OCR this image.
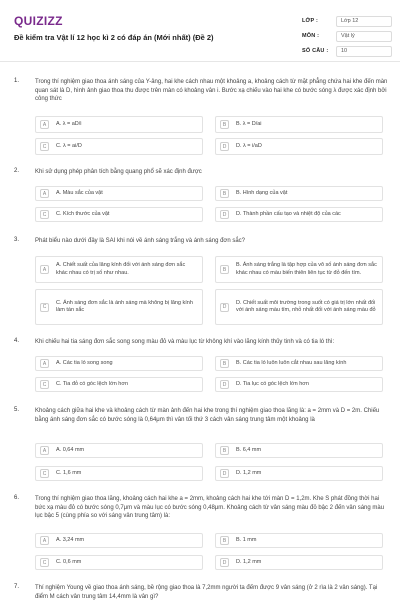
QUIZIZZ
Đề kiểm tra Vật lí 12 học kì 2 có đáp án (Mới nhất) (Đề 2)
LỚP :	Lớp 12
MÔN :	Vật lý
SỐ CÂU :	10
1.	Trong thí nghiệm giao thoa ánh sáng của Y-âng, hai khe cách nhau một khoảng a, khoảng cách từ mặt phẳng chứa hai khe đến màn quan sát là D, hình ảnh giao thoa thu được trên màn có khoảng vân i. Bước xạ chiếu vào hai khe có bước sóng λ được xác định bởi công thức
A	A. λ = aD/i	B	B. λ = D/ai
C	C. λ = ai/D	D	D. λ = i/aD
2.	Khi sử dụng phép phân tích bằng quang phổ sẽ xác định được
A	A. Màu sắc của vật	B	B. Hình dạng của vật
C	C. Kích thước của vật	D	D. Thành phần cấu tạo và nhiệt độ của các
3.	Phát biểu nào dưới đây là SAI khi nói về ánh sáng trắng và ánh sáng đơn sắc?
A
A. Chiết suất của lăng kính đối với ánh sáng đơn sắc khác nhau có trị số như nhau.	B
B. Ánh sáng trắng là tập hợp của vô số ánh sáng đơn sắc khác nhau có màu biến thiên liên tục từ đỏ đến tím.
C
C. Ánh sáng đơn sắc là ánh sáng mà không bị lăng kính làm tán sắc	D
D. Chiết suất môi trường trong suốt có giá trị lớn nhất đối với ánh sáng màu tím, nhỏ nhất đối với ánh sáng màu đỏ
4.	Khi chiếu hai tia sáng đơn sắc song song màu đỏ và màu lục từ không khí vào lăng kính thủy tinh và có tia ló thì:
A	A. Các tia ló song song	B	B. Các tia ló luôn luôn cắt nhau sau lăng kính
C	C. Tia đỏ có góc lệch lớn hơn	D	D. Tia lục có góc lệch lớn hơn
5.	Khoảng cách giữa hai khe và khoảng cách từ màn ảnh đến hai khe trong thí nghiệm giao thoa lăng là: a = 2mm và D = 2m. Chiếu bằng ánh sáng đơn sắc có bước sóng là 0,64μm thì vân tối thứ 3 cách vân sáng trung tâm một khoảng là
A	A. 0,64 mm	B	B. 6,4 mm
C	C. 1,6 mm	D	D. 1,2 mm
6.	Trong thí nghiệm giao thoa lăng, khoảng cách hai khe a = 2mm, khoảng cách hai khe tới màn D = 1,2m. Khe S phát đồng thời hai bức xạ màu đỏ có bước sóng 0,7μm và màu lục có bước sóng 0,48μm. Khoảng cách từ vân sáng màu đỏ bậc 2 đến vân sáng màu lục bậc 5 (cùng phía so với sáng vân trung tâm) là:
A	A. 3,24 mm	B	B. 1 mm
C	C. 0,6 mm	D	D. 1,2 mm
7.	Thí nghiệm Young về giao thoa ánh sáng, bề rộng giao thoa là 7,2mm người ta đếm được 9 vân sáng (ở 2 rìa là 2 vân sáng). Tại điểm M cách vân trung tâm 14,4mm là vân gì?
